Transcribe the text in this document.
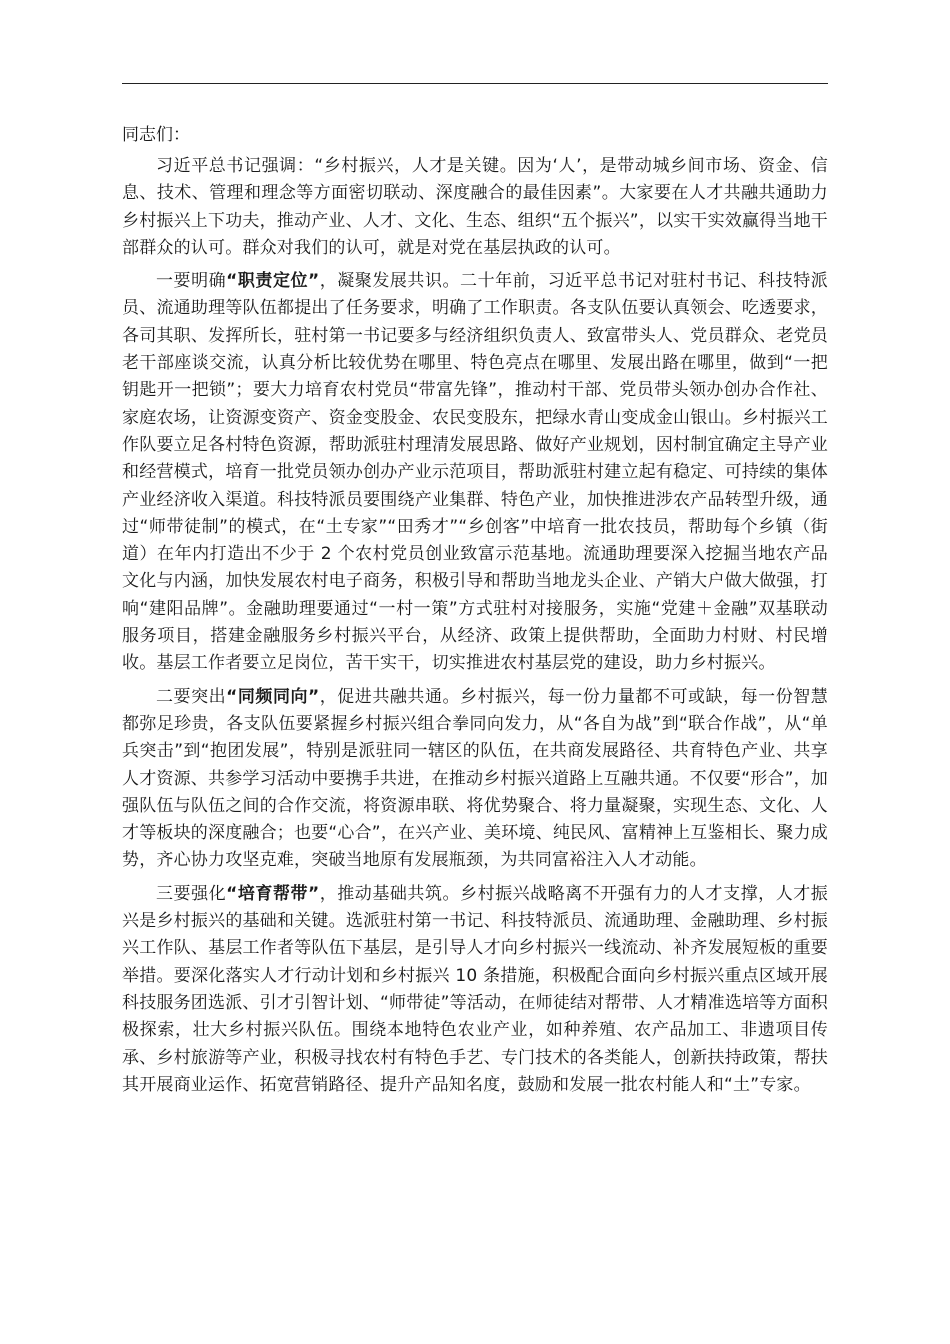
同志们：

习近平总书记强调：“乡村振兴，人才是关键。因为‘人’，是带动城乡间市场、资金、信息、技术、管理和理念等方面密切联动、深度融合的最佳因素”。大家要在人才共融共通助力乡村振兴上下功夫，推动产业、人才、文化、生态、组织“五个振兴”，以实干实效赢得当地干部群众的认可。群众对我们的认可，就是对党在基层执政的认可。

一要明确“职责定位”，凝聚发展共识。二十年前，习近平总书记对驻村书记、科技特派员、流通助理等队伍都提出了任务要求，明确了工作职责。各支队伍要认真领会、吃透要求，各司其职、发挥所长，驻村第一书记要多与经济组织负责人、致富带头人、党员群众、老党员老干部座谈交流，认真分析比较优势在哪里、特色亮点在哪里、发展出路在哪里，做到“一把钥匙开一把锁”；要大力培育农村党员“带富先锋”，推动村干部、党员带头领办创办合作社、家庭农场，让资源变资产、资金变股金、农民变股东，把绿水青山变成金山银山。乡村振兴工作队要立足各村特色资源，帮助派驻村理清发展思路、做好产业规划，因村制宜确定主导产业和经营模式，培育一批党员领办创办产业示范项目，帮助派驻村建立起有稳定、可持续的集体产业经济收入渠道。科技特派员要围绕产业集群、特色产业，加快推进涉农产品转型升级，通过“师带徒制”的模式，在“土专家”“田秀才”“乡创客”中培育一批农技员，帮助每个乡镇（街道）在年内打造出不少于 2 个农村党员创业致富示范基地。流通助理要深入挖掘当地农产品文化与内涵，加快发展农村电子商务，积极引导和帮助当地龙头企业、产销大户做大做强，打响“建阳品牌”。金融助理要通过“一村一策”方式驻村对接服务，实施“党建＋金融”双基联动服务项目，搭建金融服务乡村振兴平台，从经济、政策上提供帮助，全面助力村财、村民增收。基层工作者要立足岗位，苦干实干，切实推进农村基层党的建设，助力乡村振兴。

二要突出“同频同向”，促进共融共通。乡村振兴，每一份力量都不可或缺，每一份智慧都弥足珍贵，各支队伍要紧握乡村振兴组合拳同向发力，从“各自为战”到“联合作战”，从“单兵突击”到“抱团发展”，特别是派驻同一辖区的队伍，在共商发展路径、共育特色产业、共享人才资源、共参学习活动中要携手共进，在推动乡村振兴道路上互融共通。不仅要“形合”，加强队伍与队伍之间的合作交流，将资源串联、将优势聚合、将力量凝聚，实现生态、文化、人才等板块的深度融合；也要“心合”，在兴产业、美环境、纯民风、富精神上互鉴相长、聚力成势，齐心协力攻坚克难，突破当地原有发展瓶颈，为共同富裕注入人才动能。

三要强化“培育帮带”，推动基础共筑。乡村振兴战略离不开强有力的人才支撑，人才振兴是乡村振兴的基础和关键。选派驻村第一书记、科技特派员、流通助理、金融助理、乡村振兴工作队、基层工作者等队伍下基层，是引导人才向乡村振兴一线流动、补齐发展短板的重要举措。要深化落实人才行动计划和乡村振兴 10 条措施，积极配合面向乡村振兴重点区域开展科技服务团选派、引才引智计划、“师带徒”等活动，在师徒结对帮带、人才精准选培等方面积极探索，壮大乡村振兴队伍。围绕本地特色农业产业，如种养殖、农产品加工、非遗项目传承、乡村旅游等产业，积极寻找农村有特色手艺、专门技术的各类能人，创新扶持政策，帮扶其开展商业运作、拓宽营销路径、提升产品知名度，鼓励和发展一批农村能人和“土”专家。
